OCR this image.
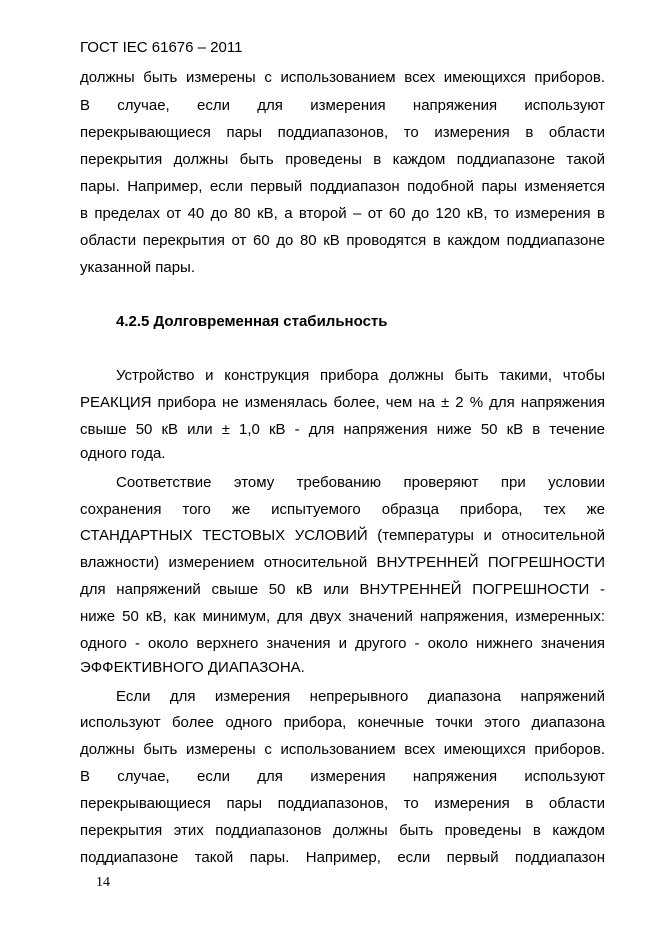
ГОСТ IEC 61676 – 2011
должны быть измерены с использованием всех имеющихся приборов.
В случае, если для измерения напряжения используют
перекрывающиеся пары поддиапазонов, то измерения в области
перекрытия должны быть проведены в каждом поддиапазоне такой
пары. Например, если первый поддиапазон подобной пары изменяется
в пределах от 40 до 80 кВ, а второй – от 60 до 120 кВ, то измерения в
области перекрытия от 60 до 80 кВ проводятся в каждом поддиапазоне
указанной пары.
4.2.5 Долговременная стабильность
Устройство и конструкция прибора должны быть такими, чтобы
РЕАКЦИЯ прибора не изменялась более, чем на ± 2 % для напряжения
свыше 50 кВ или ± 1,0 кВ - для напряжения ниже 50 кВ в течение
одного года.
Соответствие этому требованию проверяют при условии
сохранения того же испытуемого образца прибора, тех же
СТАНДАРТНЫХ ТЕСТОВЫХ УСЛОВИЙ (температуры и относительной
влажности) измерением относительной ВНУТРЕННЕЙ ПОГРЕШНОСТИ
для напряжений свыше 50 кВ или ВНУТРЕННЕЙ ПОГРЕШНОСТИ -
ниже 50 кВ, как минимум, для двух значений напряжения, измеренных:
одного - около верхнего значения и другого - около нижнего значения
ЭФФЕКТИВНОГО ДИАПАЗОНА.
Если для измерения непрерывного диапазона напряжений
используют более одного прибора, конечные точки этого диапазона
должны быть измерены с использованием всех имеющихся приборов.
В случае, если для измерения напряжения используют
перекрывающиеся пары поддиапазонов, то измерения в области
перекрытия этих поддиапазонов должны быть проведены в каждом
поддиапазоне такой пары. Например, если первый поддиапазон
14
